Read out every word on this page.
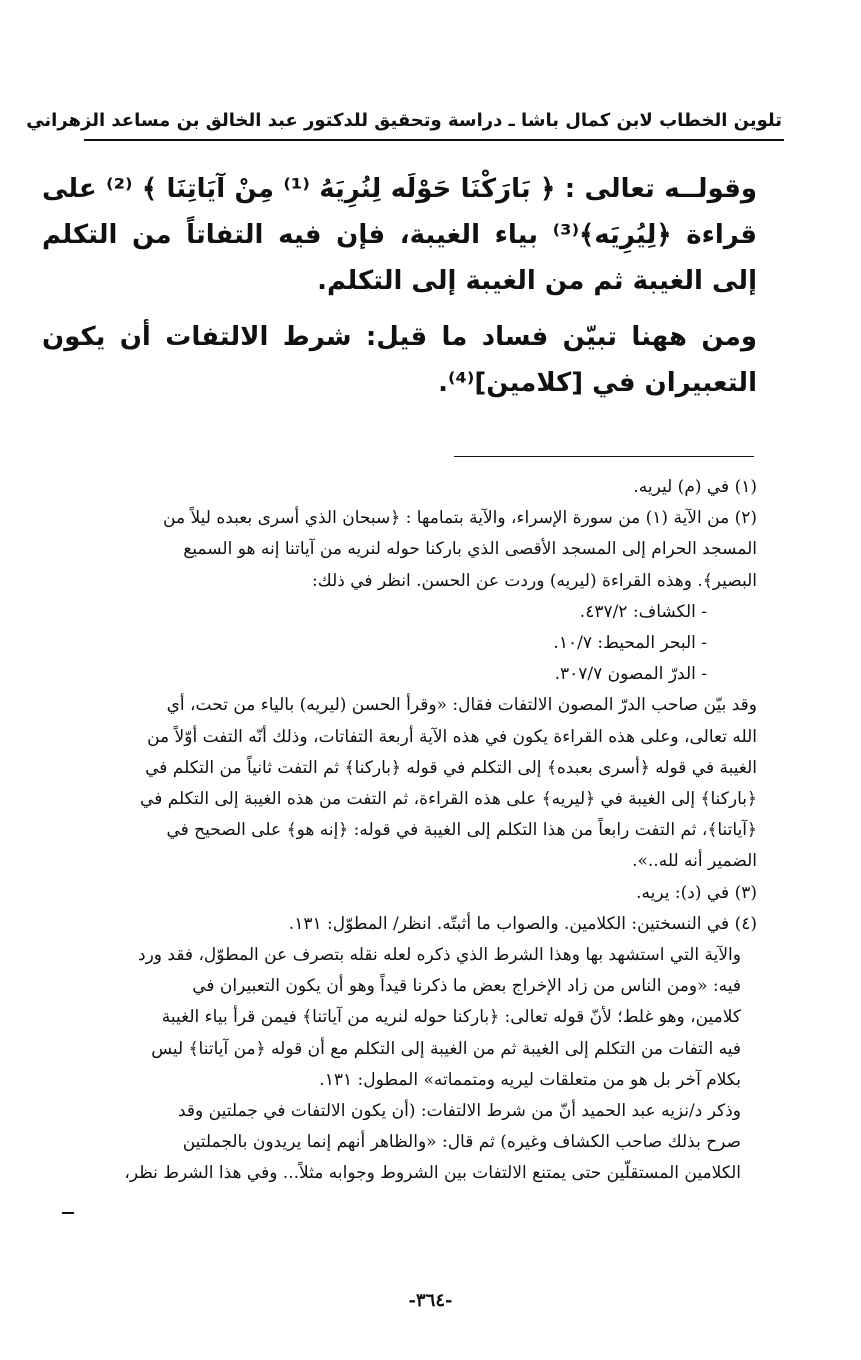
تلوين الخطاب لابن كمال باشا ـ دراسة وتحقيق للدكتور عبد الخالق بن مساعد الزهراني

وقولــه تعالى : ﴿ بَارَكْنَا حَوْلَه لِنُرِيَهُ ⁽¹⁾ مِنْ آيَاتِنَا ﴾ ⁽²⁾ على قراءة ﴿لِيُرِيَه﴾⁽³⁾ بياء الغيبة، فإن فيه التفاتاً من التكلم إلى الغيبة ثم من الغيبة إلى التكلم.

ومن ههنا تبيّن فساد ما قيل: شرط الالتفات أن يكون التعبيران في [كلامين]⁽⁴⁾.

(١) في (م) ليريه.
(٢) من الآية (١) من سورة الإسراء، والآية بتمامها : ﴿سبحان الذي أسرى بعبده ليلاً من
المسجد الحرام إلى المسجد الأقصى الذي باركنا حوله لنريه من آياتنا إنه هو السميع
البصير﴾. وهذه القراءة (ليريه) وردت عن الحسن. انظر في ذلك:
- الكشاف: ٤٣٧/٢.
- البحر المحيط: ١٠/٧.
- الدرّ المصون ٣٠٧/٧.
وقد بيّن صاحب الدرّ المصون الالتفات فقال: «وقرأ الحسن (ليريه) بالياء من تحت، أي
الله تعالى، وعلى هذه القراءة يكون في هذه الآية أربعة التفاتات، وذلك أنّه التفت أوّلاً من
الغيبة في قوله ﴿أسرى بعبده﴾ إلى التكلم في قوله ﴿باركنا﴾ ثم التفت ثانياً من التكلم في
﴿باركنا﴾ إلى الغيبة في ﴿ليريه﴾ على هذه القراءة، ثم التفت من هذه الغيبة إلى التكلم في
﴿آياتنا﴾، ثم التفت رابعاً من هذا التكلم إلى الغيبة في قوله: ﴿إنه هو﴾ على الصحيح في
الضمير أنه لله..».
(٣) في (د): يريه.
(٤) في النسختين: الكلامين. والصواب ما أثبتّه. انظر/ المطوّل: ١٣١.
والآية التي استشهد بها وهذا الشرط الذي ذكره لعله نقله بتصرف عن المطوّل، فقد ورد
فيه: «ومن الناس من زاد الإخراج بعض ما ذكرنا قيداً وهو أن يكون التعبيران في
كلامين، وهو غلط؛ لأنّ قوله تعالى: ﴿باركنا حوله لنريه من آياتنا﴾ فيمن قرأ بياء الغيبة
فيه التفات من التكلم إلى الغيبة ثم من الغيبة إلى التكلم مع أن قوله ﴿من آياتنا﴾ ليس
بكلام آخر بل هو من متعلقات ليريه ومتمماته» المطول: ١٣١.
وذكر د/نزيه عبد الحميد أنّ من شرط الالتفات: (أن يكون الالتفات في جملتين وقد
صرح بذلك صاحب الكشاف وغيره) ثم قال: «والظاهر أنهم إنما يريدون بالجملتين
الكلامين المستقلّين حتى يمتنع الالتفات بين الشروط وجوابه مثلاً... وفي هذا الشرط نظر،
-٣٦٤-
